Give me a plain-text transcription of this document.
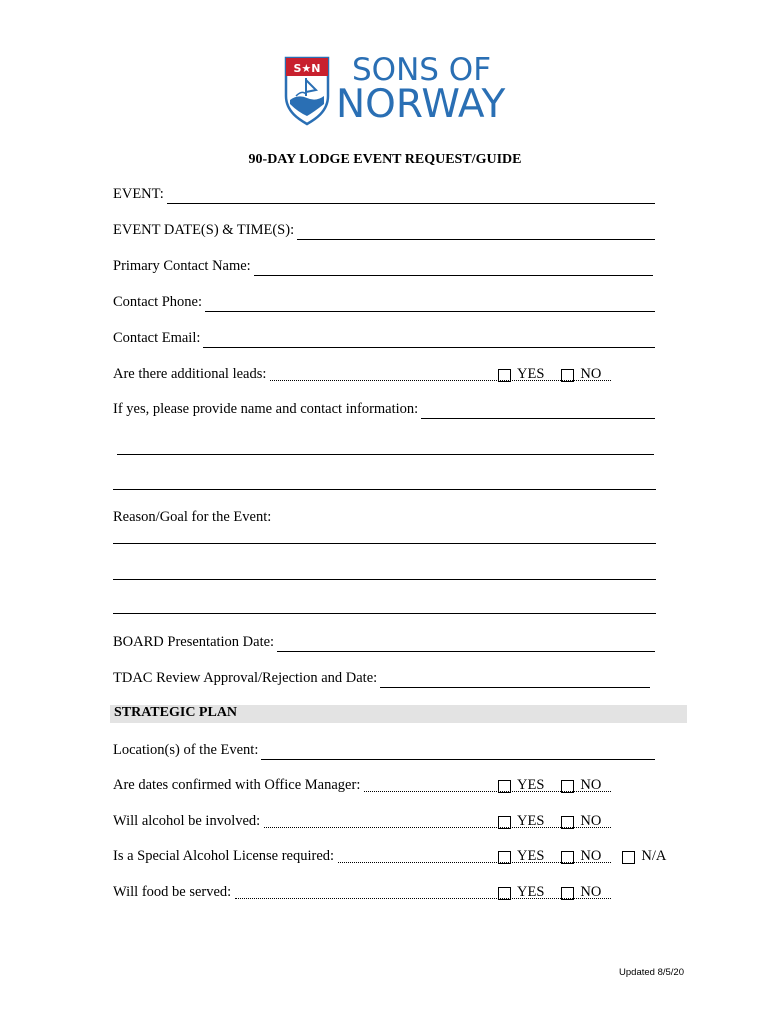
S★N SONS OF
NORWAY
90-DAY LODGE EVENT REQUEST/GUIDE
EVENT:
EVENT DATE(S) & TIME(S):
Primary Contact Name:
Contact Phone:
Contact Email:
Are there additional leads:	YES NO
If yes, please provide name and contact information:
Reason/Goal for the Event:
BOARD Presentation Date:
TDAC Review Approval/Rejection and Date:
STRATEGIC PLAN
Location(s) of the Event:
Are dates confirmed with Office Manager:	YES NO
Will alcohol be involved:	YES NO
Is a Special Alcohol License required:	YES NO	N/A
Will food be served:	YES NO
Updated 8/5/20
